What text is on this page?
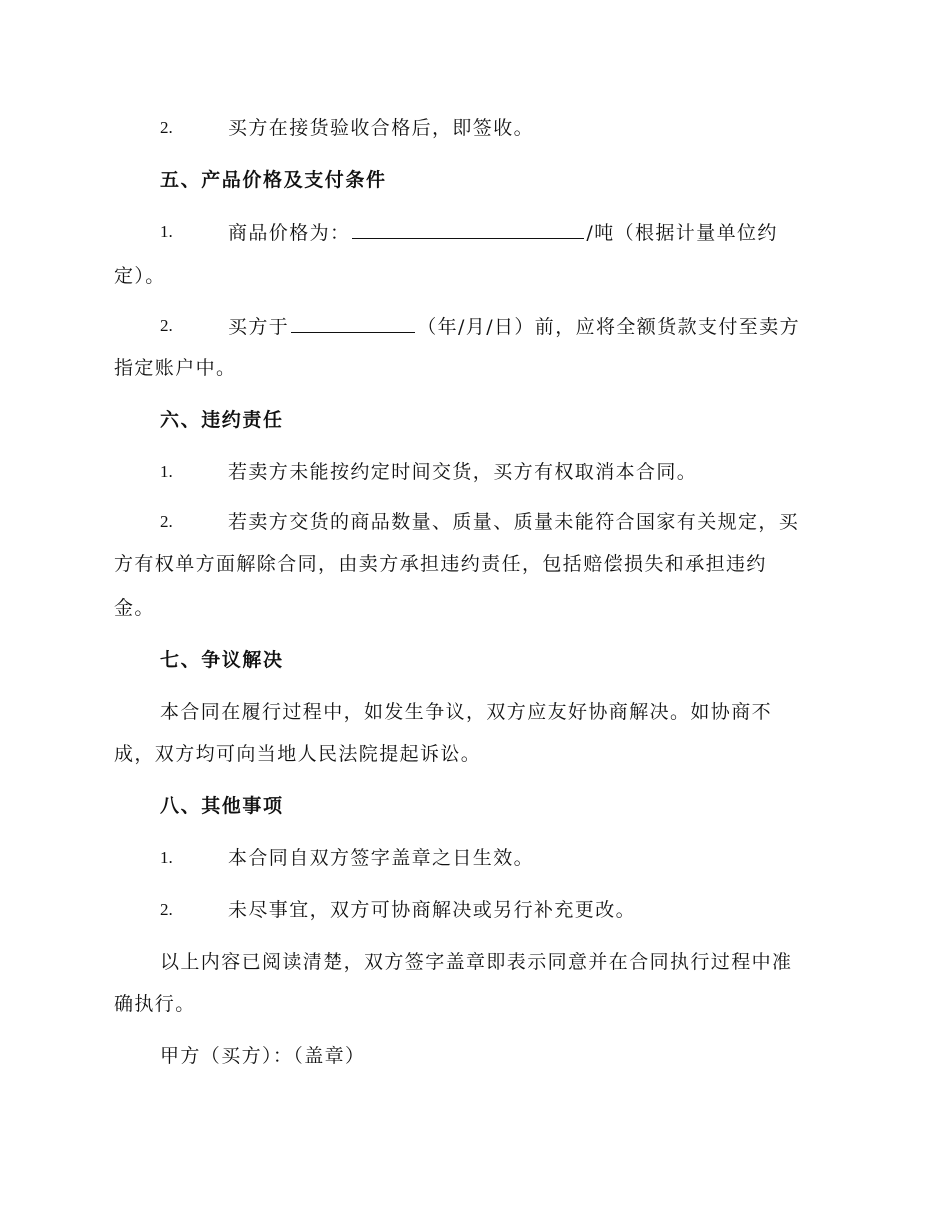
2.	买方在接货验收合格后，即签收。
五、产品价格及支付条件
1.	商品价格为：	/吨（根据计量单位约
定）。
2.	买方于	（年/月/日）前，应将全额货款支付至卖方
指定账户中。
六、违约责任
1.	若卖方未能按约定时间交货，买方有权取消本合同。
2.	若卖方交货的商品数量、质量、质量未能符合国家有关规定，买
方有权单方面解除合同，由卖方承担违约责任，包括赔偿损失和承担违约
金。
七、争议解决
本合同在履行过程中，如发生争议，双方应友好协商解决。如协商不
成，双方均可向当地人民法院提起诉讼。
八、其他事项
1.	本合同自双方签字盖章之日生效。
2.	未尽事宜，双方可协商解决或另行补充更改。
以上内容已阅读清楚，双方签字盖章即表示同意并在合同执行过程中准
确执行。
甲方（买方）：（盖章）
